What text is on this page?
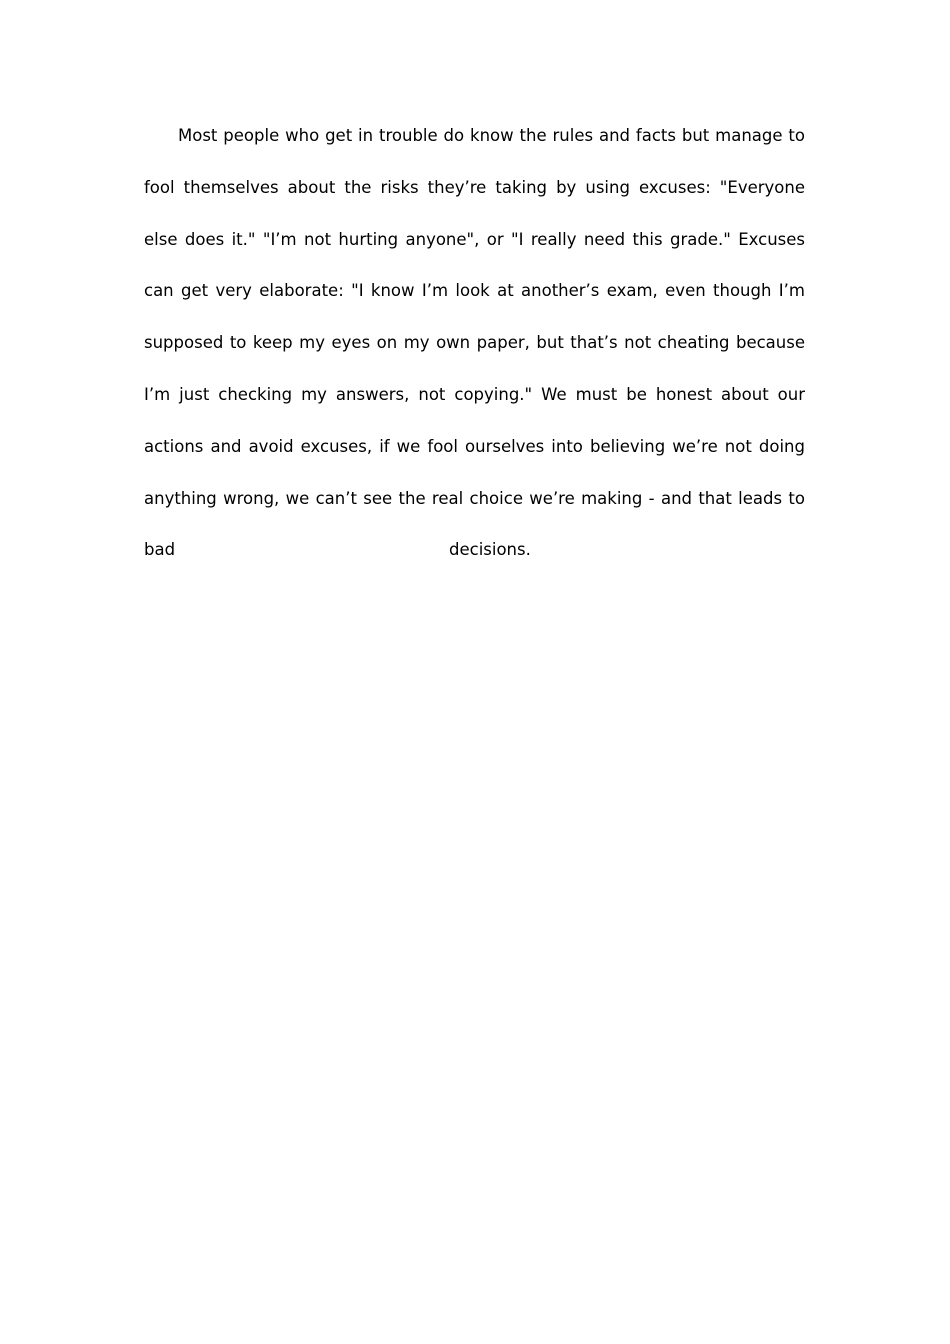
Most people who get in trouble do know the rules and facts but manage to
fool themselves about the risks they’re taking by using excuses: "Everyone
else does it." "I’m not hurting anyone", or "I really need this grade." Excuses
can get very elaborate: "I know I’m look at another’s exam, even though I’m
supposed to keep my eyes on my own paper, but that’s not cheating because
I’m just checking my answers, not copying." We must be honest about our
actions and avoid excuses, if we fool ourselves into believing we’re not doing
anything wrong, we can’t see the real choice we’re making - and that leads to
bad	decisions.
